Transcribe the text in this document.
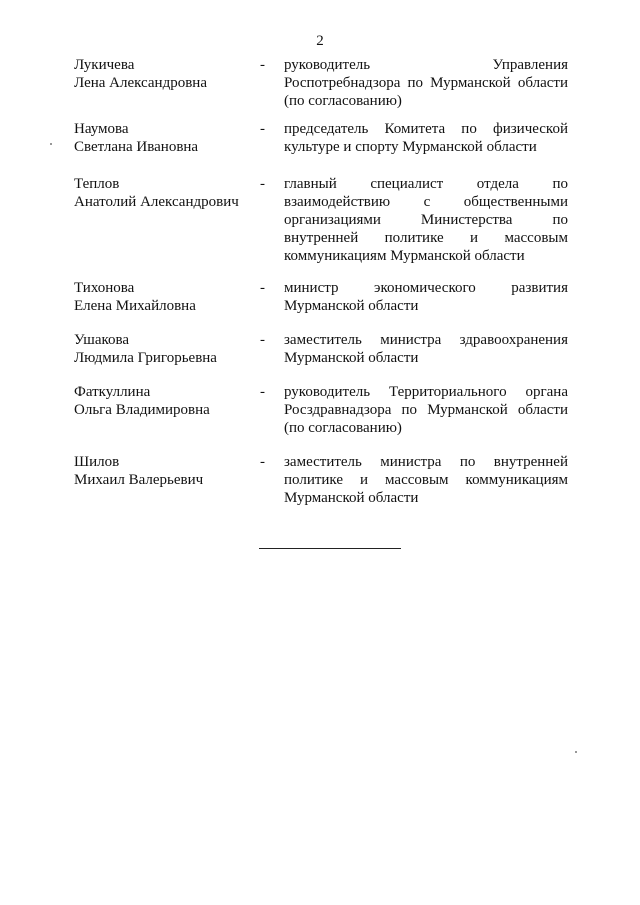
2
Лукичева
Лена Александровна
-	руководитель Управления
Роспотребнадзора по Мурманской области
(по согласованию)
Наумова
Светлана Ивановна
-	председатель Комитета по физической
культуре и спорту Мурманской области
Теплов
Анатолий Александрович
-	главный специалист отдела по
взаимодействию с общественными
организациями Министерства по
внутренней политике и массовым
коммуникациям Мурманской области
Тихонова
Елена Михайловна
-	министр экономического развития
Мурманской области
Ушакова
Людмила Григорьевна
-	заместитель министра здравоохранения
Мурманской области
Фаткуллина
Ольга Владимировна
-	руководитель Территориального органа
Росздравнадзора по Мурманской области
(по согласованию)
Шилов
Михаил Валерьевич
-	заместитель министра по внутренней
политике и массовым коммуникациям
Мурманской области
